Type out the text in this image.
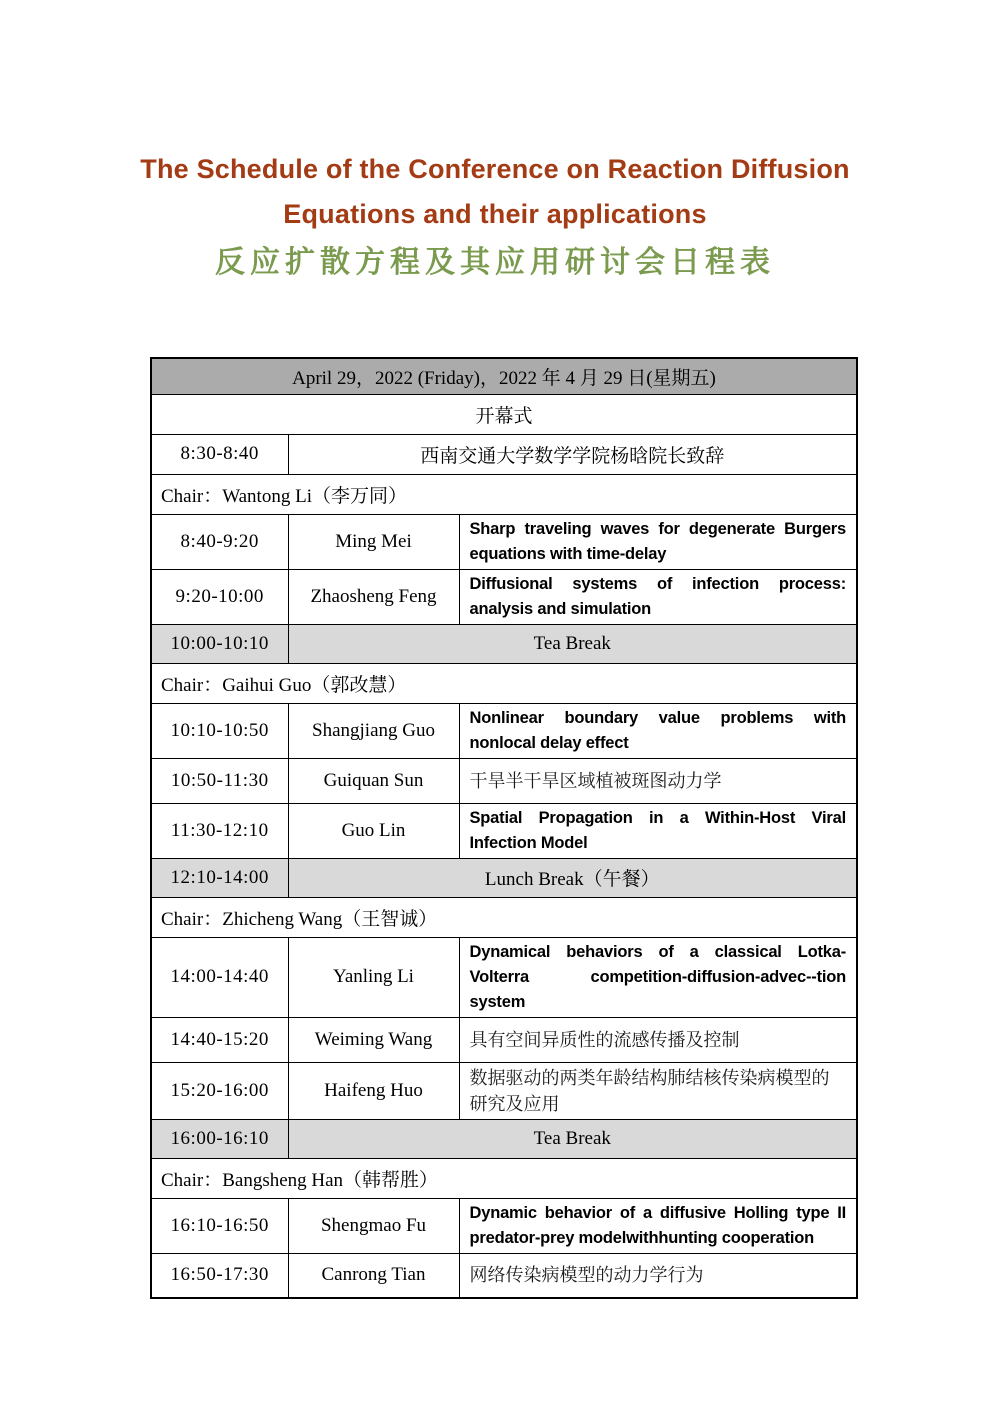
The Schedule of the Conference on Reaction Diffusion
Equations and their applications
反应扩散方程及其应用研讨会日程表
April 29，2022 (Friday)，2022 年 4 月 29 日(星期五)		
开幕式		
8:30-8:40	西南交通大学数学学院杨晗院长致辞	
Chair：Wantong Li（李万同）		
8:40-9:20	Ming Mei	Sharp traveling waves for degenerate Burgers equations with time-delay
9:20-10:00	Zhaosheng Feng	Diffusional systems of infection process: analysis and simulation
10:00-10:10	Tea Break	
Chair：Gaihui Guo（郭改慧）		
10:10-10:50	Shangjiang Guo	Nonlinear boundary value problems with nonlocal delay effect
10:50-11:30	Guiquan Sun	干旱半干旱区域植被斑图动力学
11:30-12:10	Guo Lin	Spatial Propagation in a Within-Host Viral Infection Model
12:10-14:00	Lunch Break（午餐）	
Chair：Zhicheng Wang（王智诚）		
14:00-14:40	Yanling Li	Dynamical behaviors of a classical Lotka-Volterra competition-diffusion-advec--tion system
14:40-15:20	Weiming Wang	具有空间异质性的流感传播及控制
15:20-16:00	Haifeng Huo	数据驱动的两类年龄结构肺结核传染病模型的研究及应用
16:00-16:10	Tea Break	
Chair：Bangsheng Han（韩帮胜）		
16:10-16:50	Shengmao Fu	Dynamic behavior of a diffusive Holling type II predator-prey modelwithhunting cooperation
16:50-17:30	Canrong Tian	网络传染病模型的动力学行为
